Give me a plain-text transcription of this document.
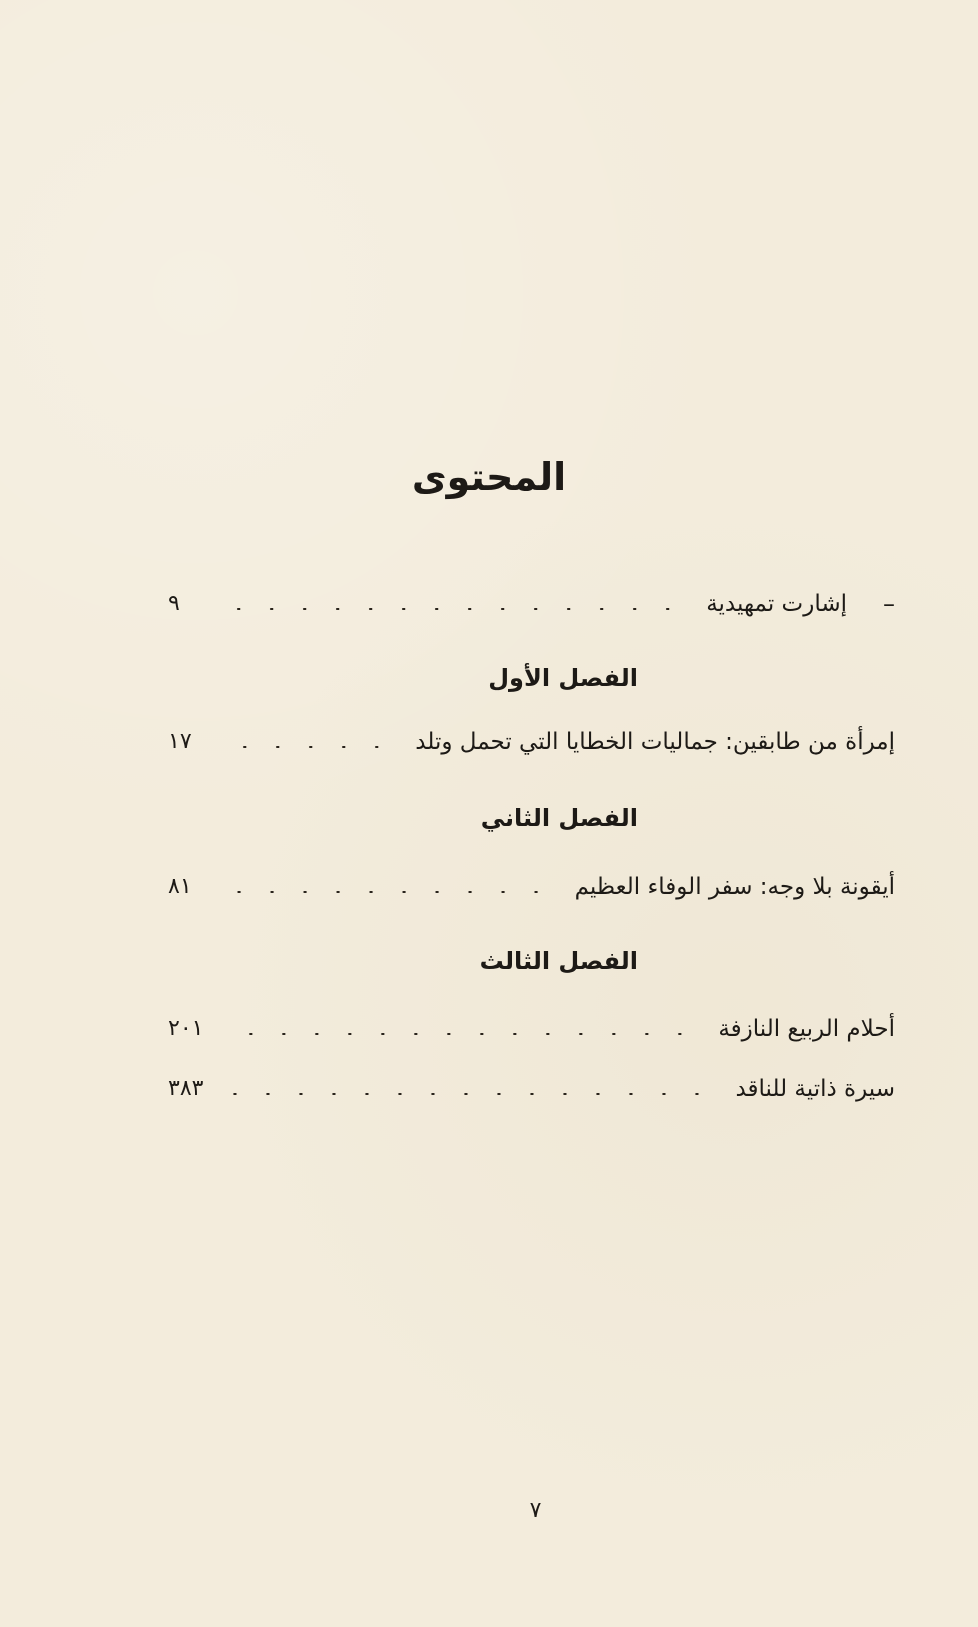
المحتوى
–
إشارت تمهيدية
٩
الفصل الأول
إمرأة من طابقين: جماليات الخطايا التي تحمل وتلد
١٧
الفصل الثاني
أيقونة بلا وجه: سفر الوفاء العظيم
٨١
الفصل الثالث
أحلام الربيع النازفة
٢٠١
سيرة ذاتية للناقد
٣٨٣
٧
